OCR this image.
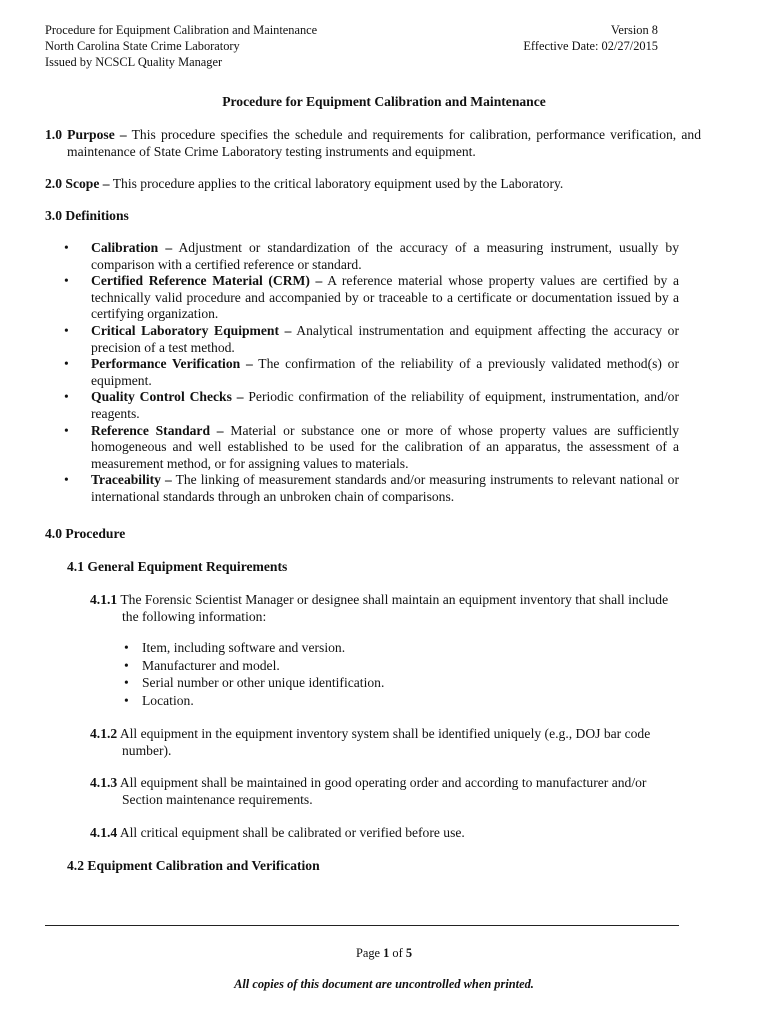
Procedure for Equipment Calibration and Maintenance
North Carolina State Crime Laboratory
Issued by NCSCL Quality Manager
Version 8
Effective Date: 02/27/2015
Procedure for Equipment Calibration and Maintenance
1.0 Purpose – This procedure specifies the schedule and requirements for calibration, performance verification, and maintenance of State Crime Laboratory testing instruments and equipment.
2.0 Scope – This procedure applies to the critical laboratory equipment used by the Laboratory.
3.0 Definitions
• Calibration – Adjustment or standardization of the accuracy of a measuring instrument, usually by comparison with a certified reference or standard.
• Certified Reference Material (CRM) – A reference material whose property values are certified by a technically valid procedure and accompanied by or traceable to a certificate or documentation issued by a certifying organization.
• Critical Laboratory Equipment – Analytical instrumentation and equipment affecting the accuracy or precision of a test method.
• Performance Verification – The confirmation of the reliability of a previously validated method(s) or equipment.
• Quality Control Checks – Periodic confirmation of the reliability of equipment, instrumentation, and/or reagents.
• Reference Standard – Material or substance one or more of whose property values are sufficiently homogeneous and well established to be used for the calibration of an apparatus, the assessment of a measurement method, or for assigning values to materials.
• Traceability – The linking of measurement standards and/or measuring instruments to relevant national or international standards through an unbroken chain of comparisons.
4.0 Procedure
4.1 General Equipment Requirements
4.1.1 The Forensic Scientist Manager or designee shall maintain an equipment inventory that shall include
the following information:
• Item, including software and version.
• Manufacturer and model.
• Serial number or other unique identification.
• Location.
4.1.2 All equipment in the equipment inventory system shall be identified uniquely (e.g., DOJ bar code
number).
4.1.3 All equipment shall be maintained in good operating order and according to manufacturer and/or
Section maintenance requirements.
4.1.4 All critical equipment shall be calibrated or verified before use.
4.2 Equipment Calibration and Verification
Page 1 of 5
All copies of this document are uncontrolled when printed.
